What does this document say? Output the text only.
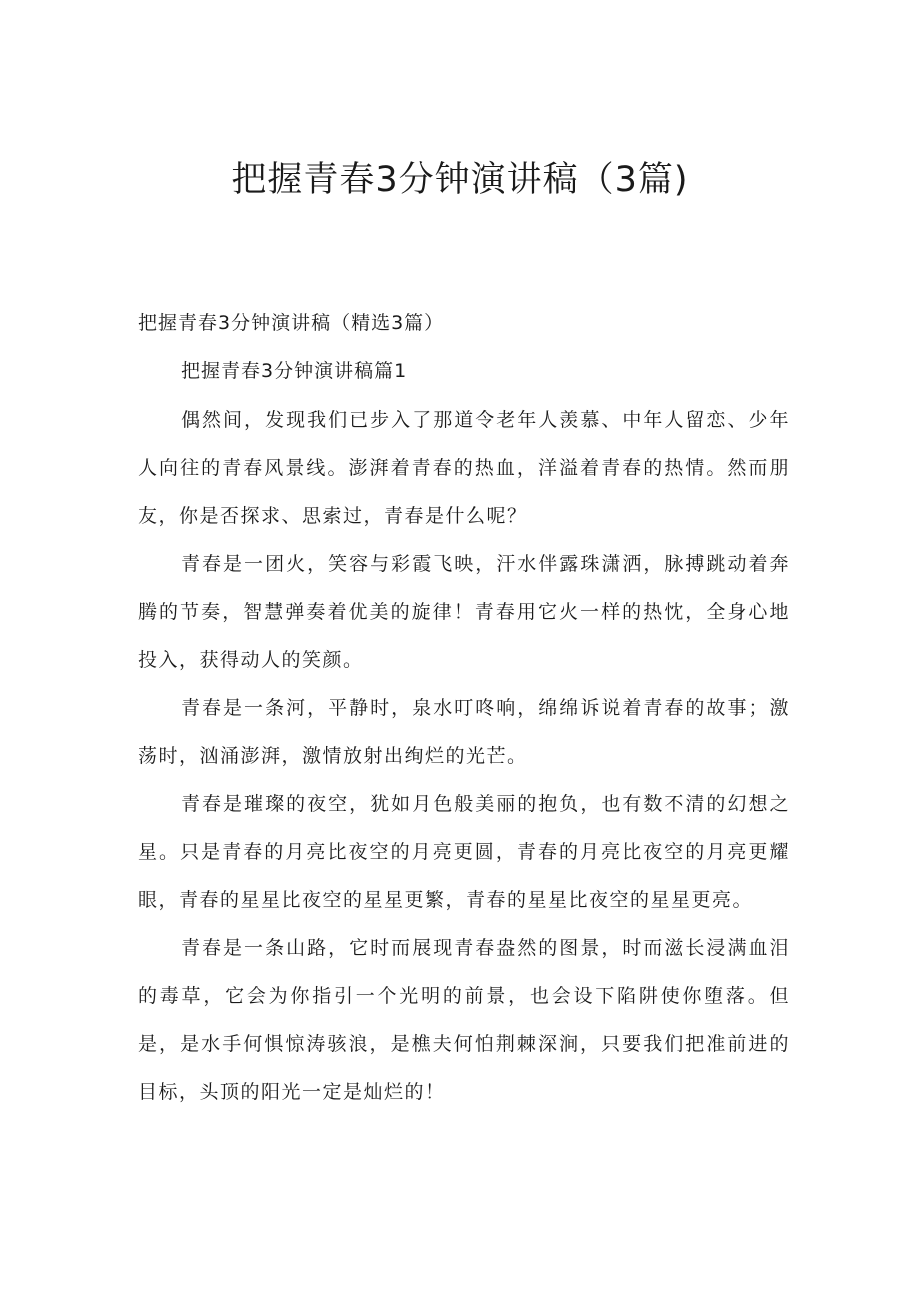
把握青春3分钟演讲稿（3篇)

把握青春3分钟演讲稿（精选3篇）

把握青春3分钟演讲稿篇1

偶然间，发现我们已步入了那道令老年人羡慕、中年人留恋、少年人向往的青春风景线。澎湃着青春的热血，洋溢着青春的热情。然而朋友，你是否探求、思索过，青春是什么呢？

青春是一团火，笑容与彩霞飞映，汗水伴露珠潇洒，脉搏跳动着奔腾的节奏，智慧弹奏着优美的旋律！青春用它火一样的热忱，全身心地投入，获得动人的笑颜。

青春是一条河，平静时，泉水叮咚响，绵绵诉说着青春的故事；激荡时，汹涌澎湃，激情放射出绚烂的光芒。

青春是璀璨的夜空，犹如月色般美丽的抱负，也有数不清的幻想之星。只是青春的月亮比夜空的月亮更圆，青春的月亮比夜空的月亮更耀眼，青春的星星比夜空的星星更繁，青春的星星比夜空的星星更亮。

青春是一条山路，它时而展现青春盎然的图景，时而滋长浸满血泪的毒草，它会为你指引一个光明的前景，也会设下陷阱使你堕落。但是，是水手何惧惊涛骇浪，是樵夫何怕荆棘深涧，只要我们把准前进的目标，头顶的阳光一定是灿烂的！
